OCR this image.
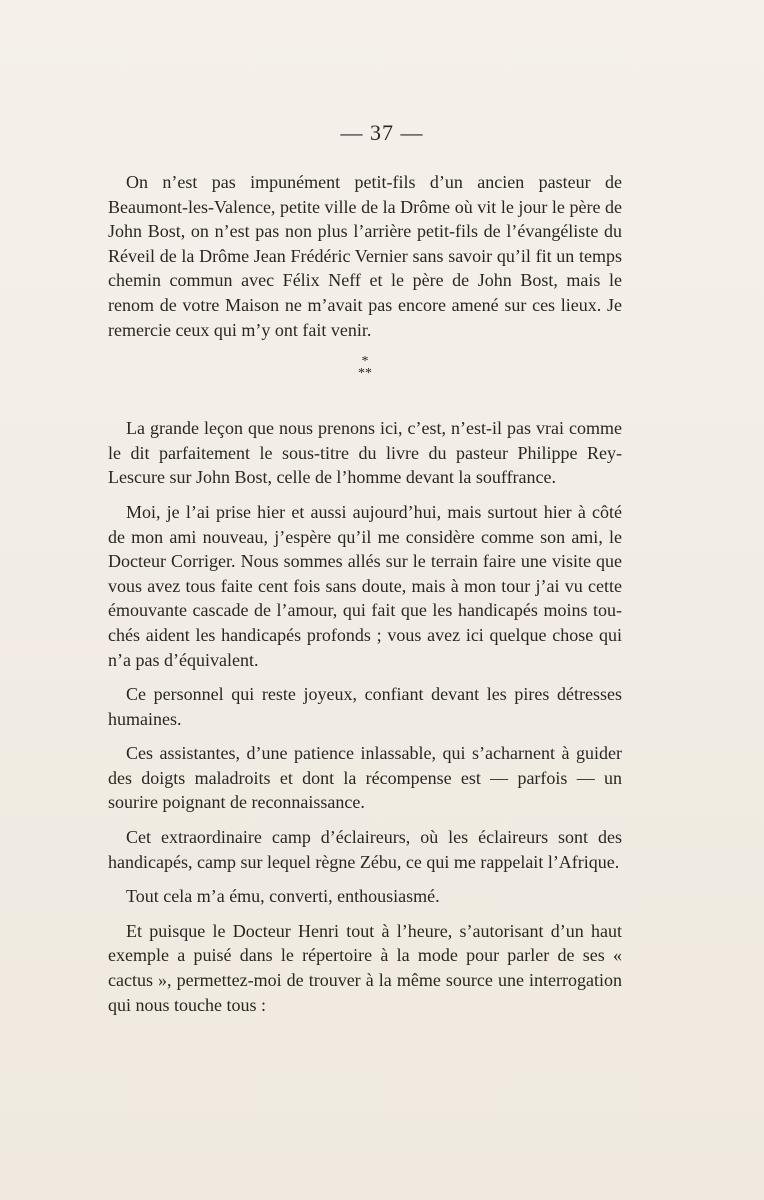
— 37 —

On n’est pas impunément petit-fils d’un ancien pasteur de Beaumont-les-Valence, petite ville de la Drôme où vit le jour le père de John Bost, on n’est pas non plus l’arrière petit-fils de l’évangéliste du Réveil de la Drôme Jean Frédéric Vernier sans savoir qu’il fit un temps chemin commun avec Félix Neff et le père de John Bost, mais le renom de votre Maison ne m’avait pas encore amené sur ces lieux. Je remercie ceux qui m’y ont fait venir.

*
**

La grande leçon que nous prenons ici, c’est, n’est-il pas vrai comme le dit parfaitement le sous-titre du livre du pasteur Philippe Rey-Lescure sur John Bost, celle de l’homme devant la souffrance.

Moi, je l’ai prise hier et aussi aujourd’hui, mais surtout hier à côté de mon ami nouveau, j’espère qu’il me considère comme son ami, le Docteur Corriger. Nous sommes allés sur le terrain faire une visite que vous avez tous faite cent fois sans doute, mais à mon tour j’ai vu cette émouvante cascade de l’amour, qui fait que les handicapés moins touchés aident les handicapés profonds ; vous avez ici quelque chose qui n’a pas d’équivalent.

Ce personnel qui reste joyeux, confiant devant les pires détresses humaines.

Ces assistantes, d’une patience inlassable, qui s’acharnent à guider des doigts maladroits et dont la récompense est — parfois — un sourire poignant de reconnaissance.

Cet extraordinaire camp d’éclaireurs, où les éclaireurs sont des handicapés, camp sur lequel règne Zébu, ce qui me rappelait l’Afrique.

Tout cela m’a ému, converti, enthousiasmé.

Et puisque le Docteur Henri tout à l’heure, s’autorisant d’un haut exemple a puisé dans le répertoire à la mode pour parler de ses « cactus », permettez-moi de trouver à la même source une interrogation qui nous touche tous :
